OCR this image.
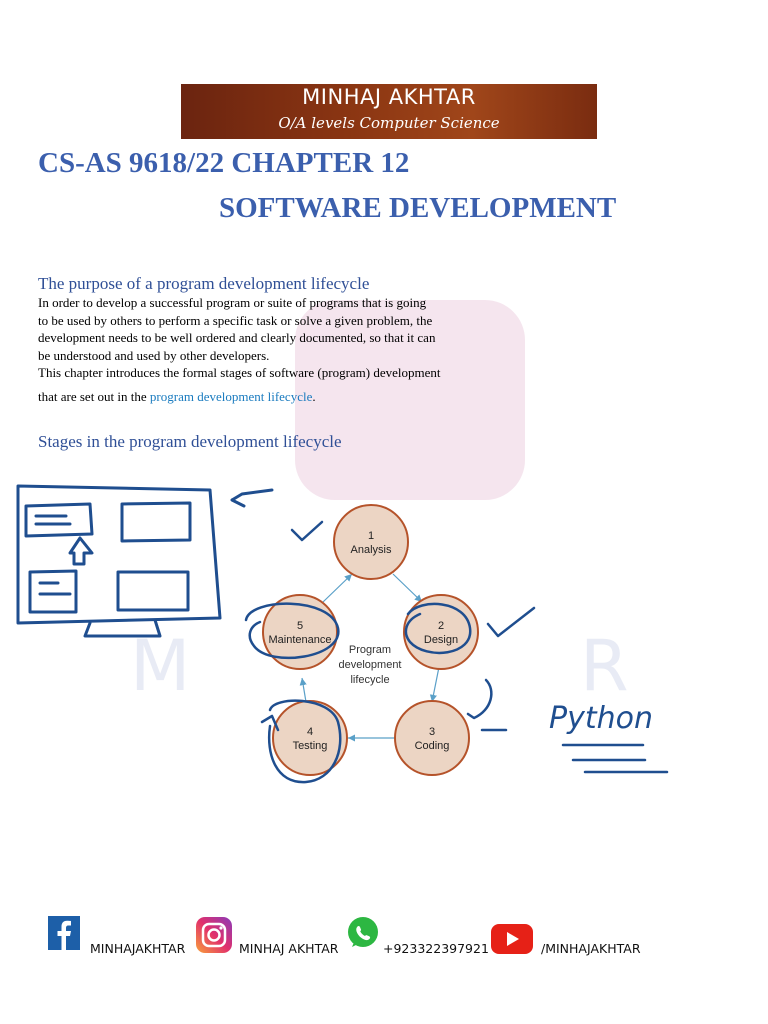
M	R
MINHAJ AKHTAR
O/A levels Computer Science
CS-AS 9618/22 CHAPTER 12
SOFTWARE DEVELOPMENT
The purpose of a program development lifecycle
In order to develop a successful program or suite of programs that is going
to be used by others to perform a specific task or solve a given problem, the
development needs to be well ordered and clearly documented, so that it can
be understood and used by other developers.
This chapter introduces the formal stages of software (program) development
that are set out in the program development lifecycle.
Stages in the program development lifecycle
1
Analysis
2
Design
3
Coding
4
Testing
5
Maintenance
Program
development
lifecycle
Python
MINHAJAKHTAR	MINHAJ AKHTAR	+923322397921	/MINHAJAKHTAR
